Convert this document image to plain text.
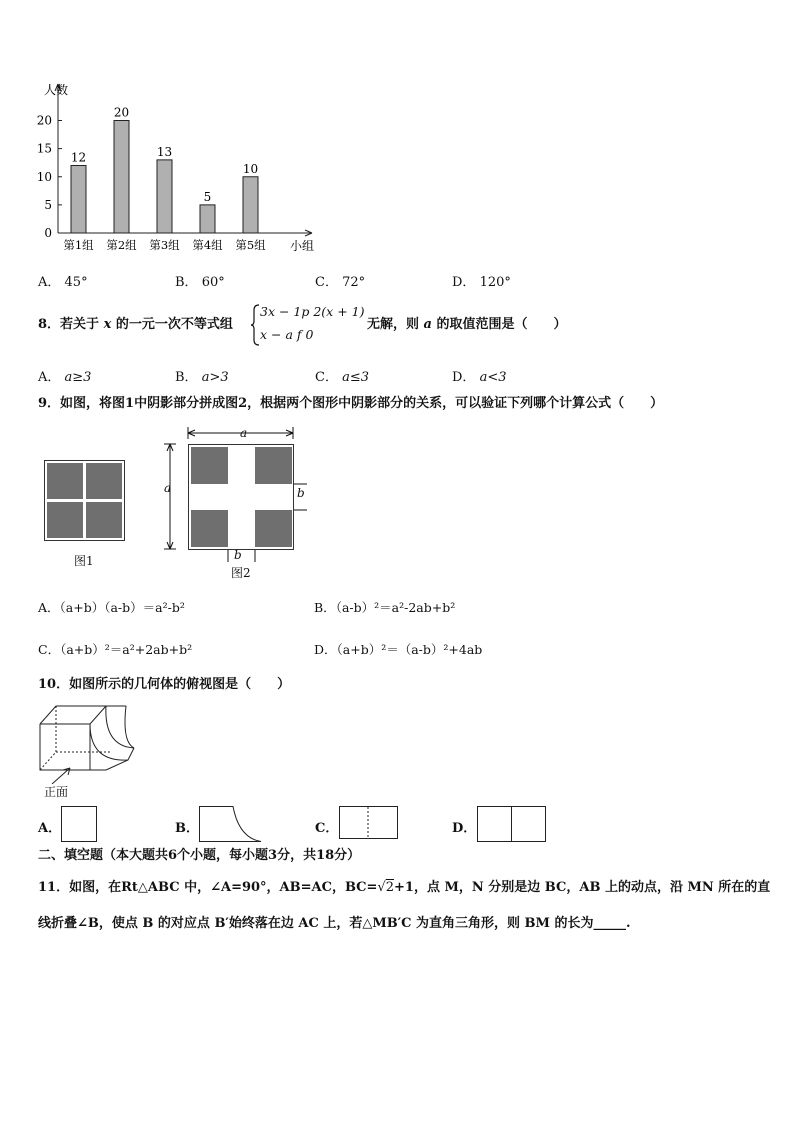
0
5
10
15
20
人数
小组
12
第1组
20
第2组
13
第3组
5
第4组
10
第5组
A． 45°	B． 60°	C． 72°	D． 120°
8．若关于 x 的一元一次不等式组
3x − 1p 2(x + 1)
x − a f 0
无解，则 a 的取值范围是（　　）
A． a≥3	B． a>3	C． a≤3	D． a<3
9．如图，将图1中阴影部分拼成图2，根据两个图形中阴影部分的关系，可以验证下列哪个计算公式（　　）
图1
a
a	b
b
图2
A．（a+b）（a-b）＝a²-b²	B．（a-b）²＝a²-2ab+b²
C．（a+b）²＝a²+2ab+b²	D．（a+b）²＝（a-b）²+4ab
10．如图所示的几何体的俯视图是（　　）
正面
A．	B．	C．	D．
二、填空题（本大题共6个小题，每小题3分，共18分）
11．如图，在Rt△ABC 中，∠A=90°，AB=AC，BC=√2+1，点 M，N 分别是边 BC，AB 上的动点，沿 MN 所在的直
线折叠∠B，使点 B 的对应点 B′始终落在边 AC 上，若△MB′C 为直角三角形，则 BM 的长为_____.
